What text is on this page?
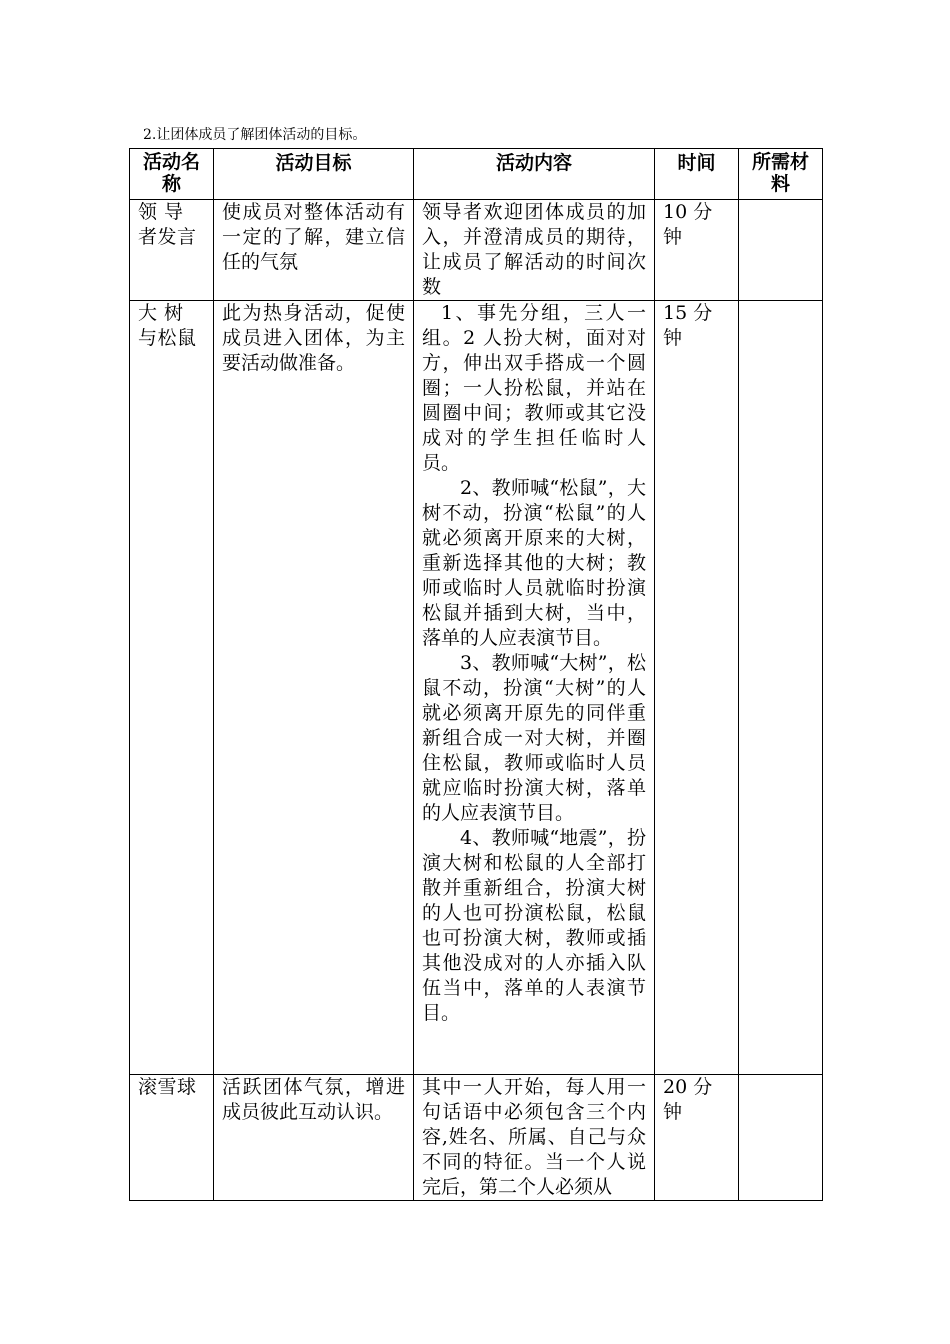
2.让团体成员了解团体活动的目标。
活动名称	活动目标	活动内容	时间	所需材料
领 导 者发言	使成员对整体活动有一定的了解，建立信任的气氛	领导者欢迎团体成员的加入，并澄清成员的期待，让成员了解活动的时间次数	10 分钟	
大 树 与松鼠	此为热身活动，促使成员进入团体，为主要活动做准备。	1、事先分组，三人一组。2 人扮大树，面对对方，伸出双手搭成一个圆圈；一人扮松鼠，并站在圆圈中间；教师或其它没成对的学生担任临时人员。
2、教师喊“松鼠”，大树不动，扮演“松鼠”的人就必须离开原来的大树，重新选择其他的大树；教师或临时人员就临时扮演松鼠并插到大树，当中，落单的人应表演节目。
3、教师喊“大树”，松鼠不动，扮演“大树”的人就必须离开原先的同伴重新组合成一对大树，并圈住松鼠，教师或临时人员就应临时扮演大树，落单的人应表演节目。
4、教师喊“地震”，扮演大树和松鼠的人全部打散并重新组合，扮演大树的人也可扮演松鼠，松鼠也可扮演大树，教师或插其他没成对的人亦插入队伍当中，落单的人表演节目。	15 分钟	
滚雪球	活跃团体气氛，增进成员彼此互动认识。	其中一人开始，每人用一句话语中必须包含三个内容,姓名、所属、自己与众不同的特征。当一个人说完后，第二个人必须从	20 分钟	
